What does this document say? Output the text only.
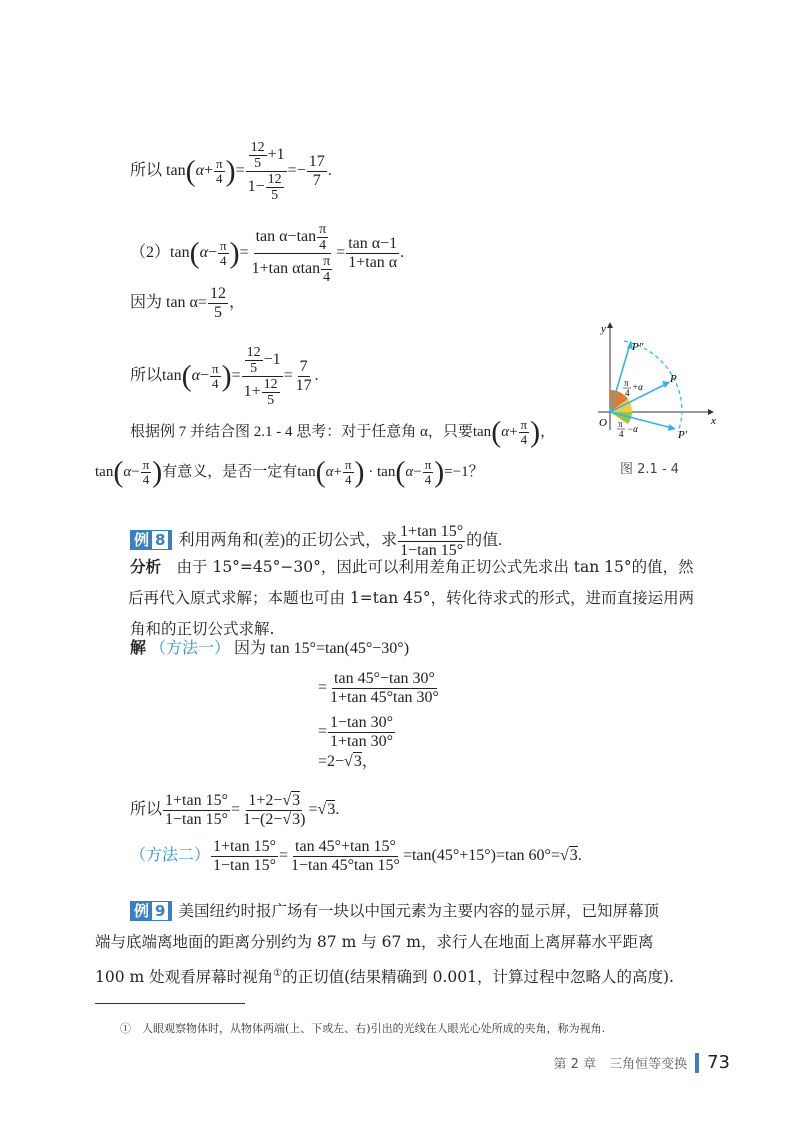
所以 $\tan(\alpha+ \frac{\pi}{4}$ )= $\frac{\frac{12}{5} +1}{1- \frac{12}{5}} =- \frac{17}{7}$ .
$(2)\tan(\alpha- \frac{\pi}{4}$ )= $\frac{\tan \alpha-\tan \frac{\pi}{4}}{1+\tan \alpha\tan \frac{\pi}{4}} = \frac{\text{tan α−1}}{\text{1+tan α}}$ .
因为 $\tan \alpha= \frac{12}{5}$ ，
所以$\tan(\alpha- \frac{\pi}{4}$ )= $\frac{\frac{12}{5} -1}{1+ \frac{12}{5}} = \frac{7}{17}$ .
根据例 7 并结合图 2.1 - 4 思考：对于任意角 α，只要$\tan(\alpha+ \frac{\pi}{4}$ )，
$\tan(\alpha- \frac{\pi}{4}$ )有意义，是否一定有$\tan(\alpha+ \frac{\pi}{4}$ ) · $\tan(\alpha- \frac{\pi}{4} )=-1$？
y
x
O
P″
P
P′
π
4
+α
π
4 −α
图 2.1 - 4
例 8 利用两角和(差)的正切公式，求 $\frac{1+\tan 15^\circ}{1-\tan 15^\circ}$ 的值.
分析　 由于 15°=45°−30°，因此可以利用差角正切公式先求出 tan 15°的值，然
后再代入原式求解；本题也可由 1=tan 45°，转化待求式的形式，进而直接运用两
角和的正切公式求解.
解 （方法一） 因为 tan 15°=tan(45°−30°)
= $\frac{\tan 45^\circ-\tan 30^\circ}{1+\tan 45^\circ\tan 30^\circ}$
= $\frac{1-\tan 30^\circ}{1+\tan 30^\circ}$
=2−√3，
所以 $\frac{1+\tan 15^\circ}{1-\tan 15^\circ} = \frac{1+2-√3}{1-(2-√3)} =√3$.
（方法二） $\frac{1+\tan 15^\circ}{1-\tan 15^\circ} = \frac{\tan 45^\circ+\tan 15^\circ}{1-\tan 45^\circ\tan 15^\circ} =\tan(45^\circ+15^\circ)=\tan$ 60°=√3.
例 9 美国纽约时报广场有一块以中国元素为主要内容的显示屏，已知屏幕顶
端与底端离地面的距离分别约为 87 m 与 67 m，求行人在地面上离屏幕水平距离
100 m 处观看屏幕时视角①的正切值(结果精确到 0.001，计算过程中忽略人的高度).
①　 人眼观察物体时，从物体两端(上、下或左、右)引出的光线在人眼光心处所成的夹角，称为视角.
第 2 章　三角恒等变换 73
